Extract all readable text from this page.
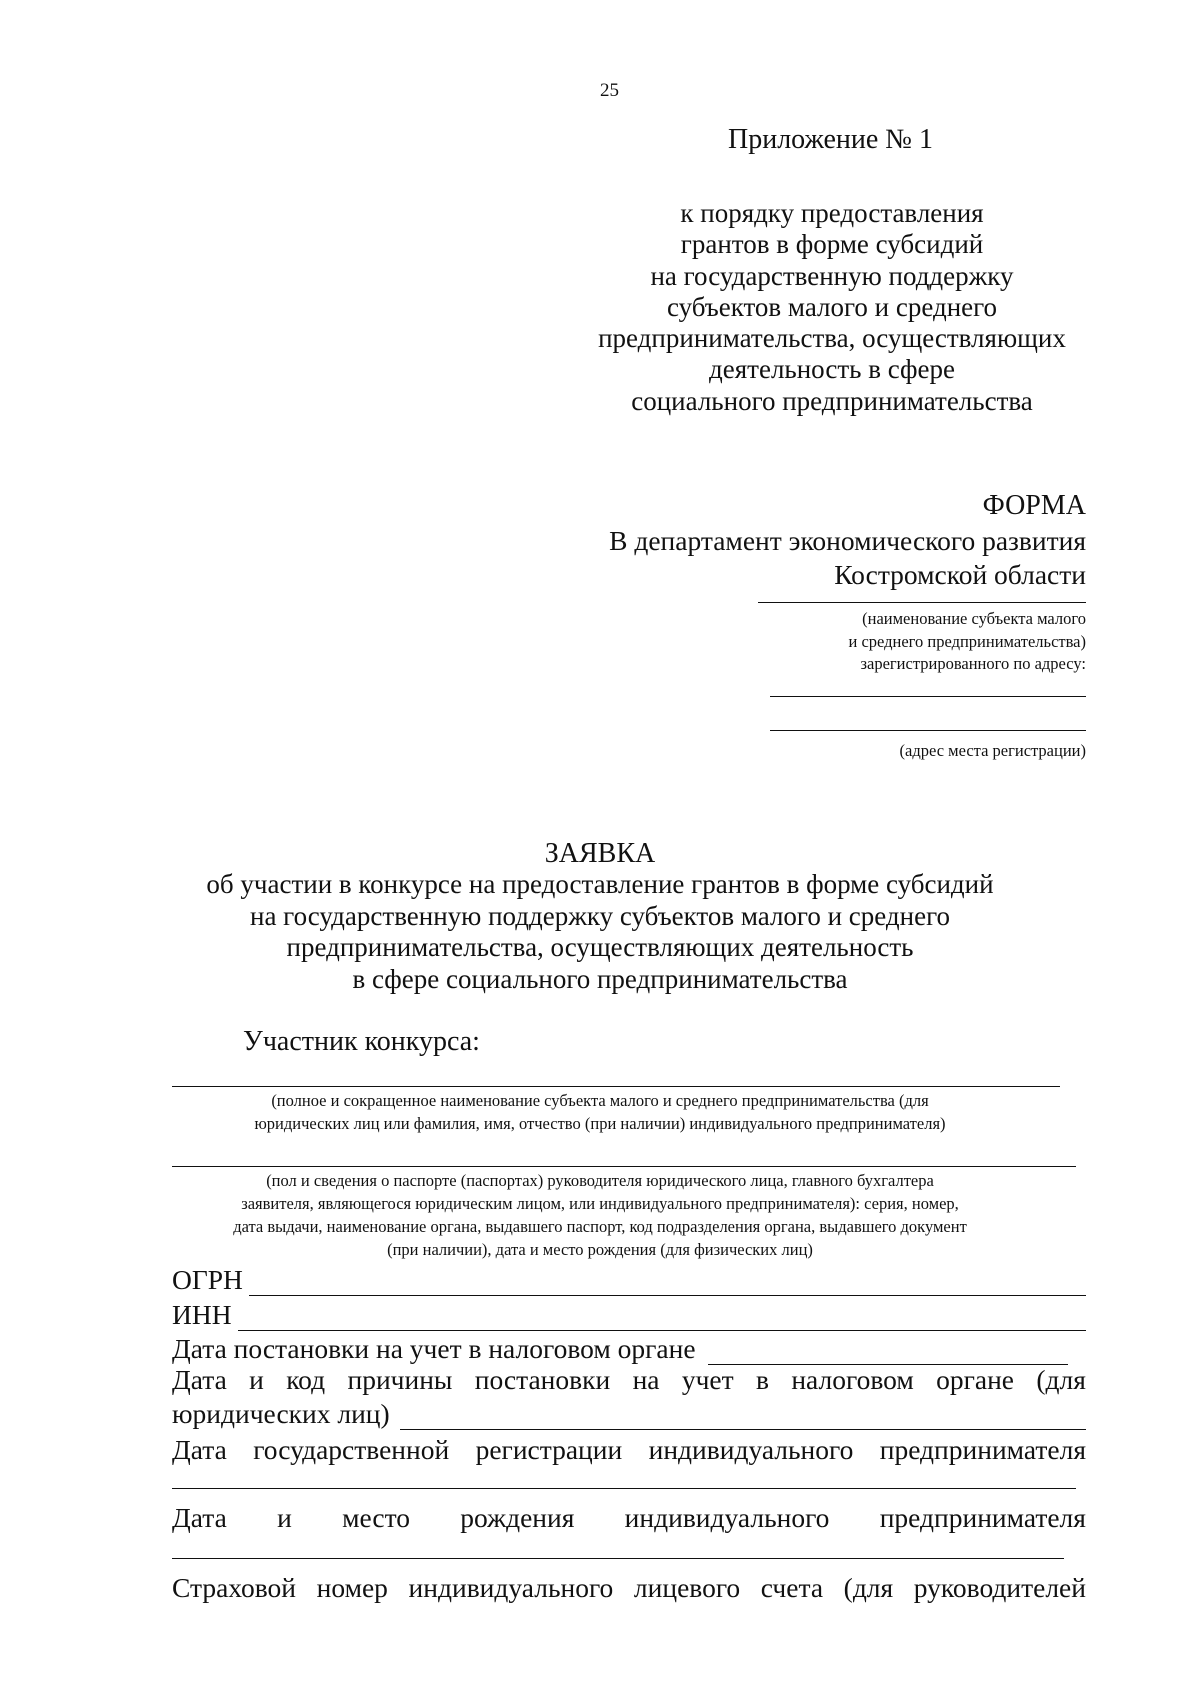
25
Приложение № 1
к порядку предоставления
грантов в форме субсидий
на государственную поддержку
субъектов малого и среднего
предпринимательства, осуществляющих
деятельность в сфере
социального предпринимательства
ФОРМА
В департамент экономического развития
Костромской области
(наименование субъекта малого
и среднего предпринимательства)
зарегистрированного по адресу:
(адрес места регистрации)
ЗАЯВКА
об участии в конкурсе на предоставление грантов в форме субсидий
на государственную поддержку субъектов малого и среднего
предпринимательства, осуществляющих деятельность
в сфере социального предпринимательства
Участник конкурса:
(полное и сокращенное наименование субъекта малого и среднего предпринимательства (для
юридических лиц или фамилия, имя, отчество (при наличии) индивидуального предпринимателя)
(пол и сведения о паспорте (паспортах) руководителя юридического лица, главного бухгалтера
заявителя, являющегося юридическим лицом, или индивидуального предпринимателя): серия, номер,
дата выдачи, наименование органа, выдавшего паспорт, код подразделения органа, выдавшего документ
(при наличии), дата и место рождения (для физических лиц)
ОГРН
ИНН
Дата постановки на учет в налоговом органе
Дата и код причины постановки на учет в налоговом органе (для
юридических лиц)
Дата государственной регистрации индивидуального предпринимателя
Дата и место рождения индивидуального предпринимателя
Страховой номер индивидуального лицевого счета (для руководителей
